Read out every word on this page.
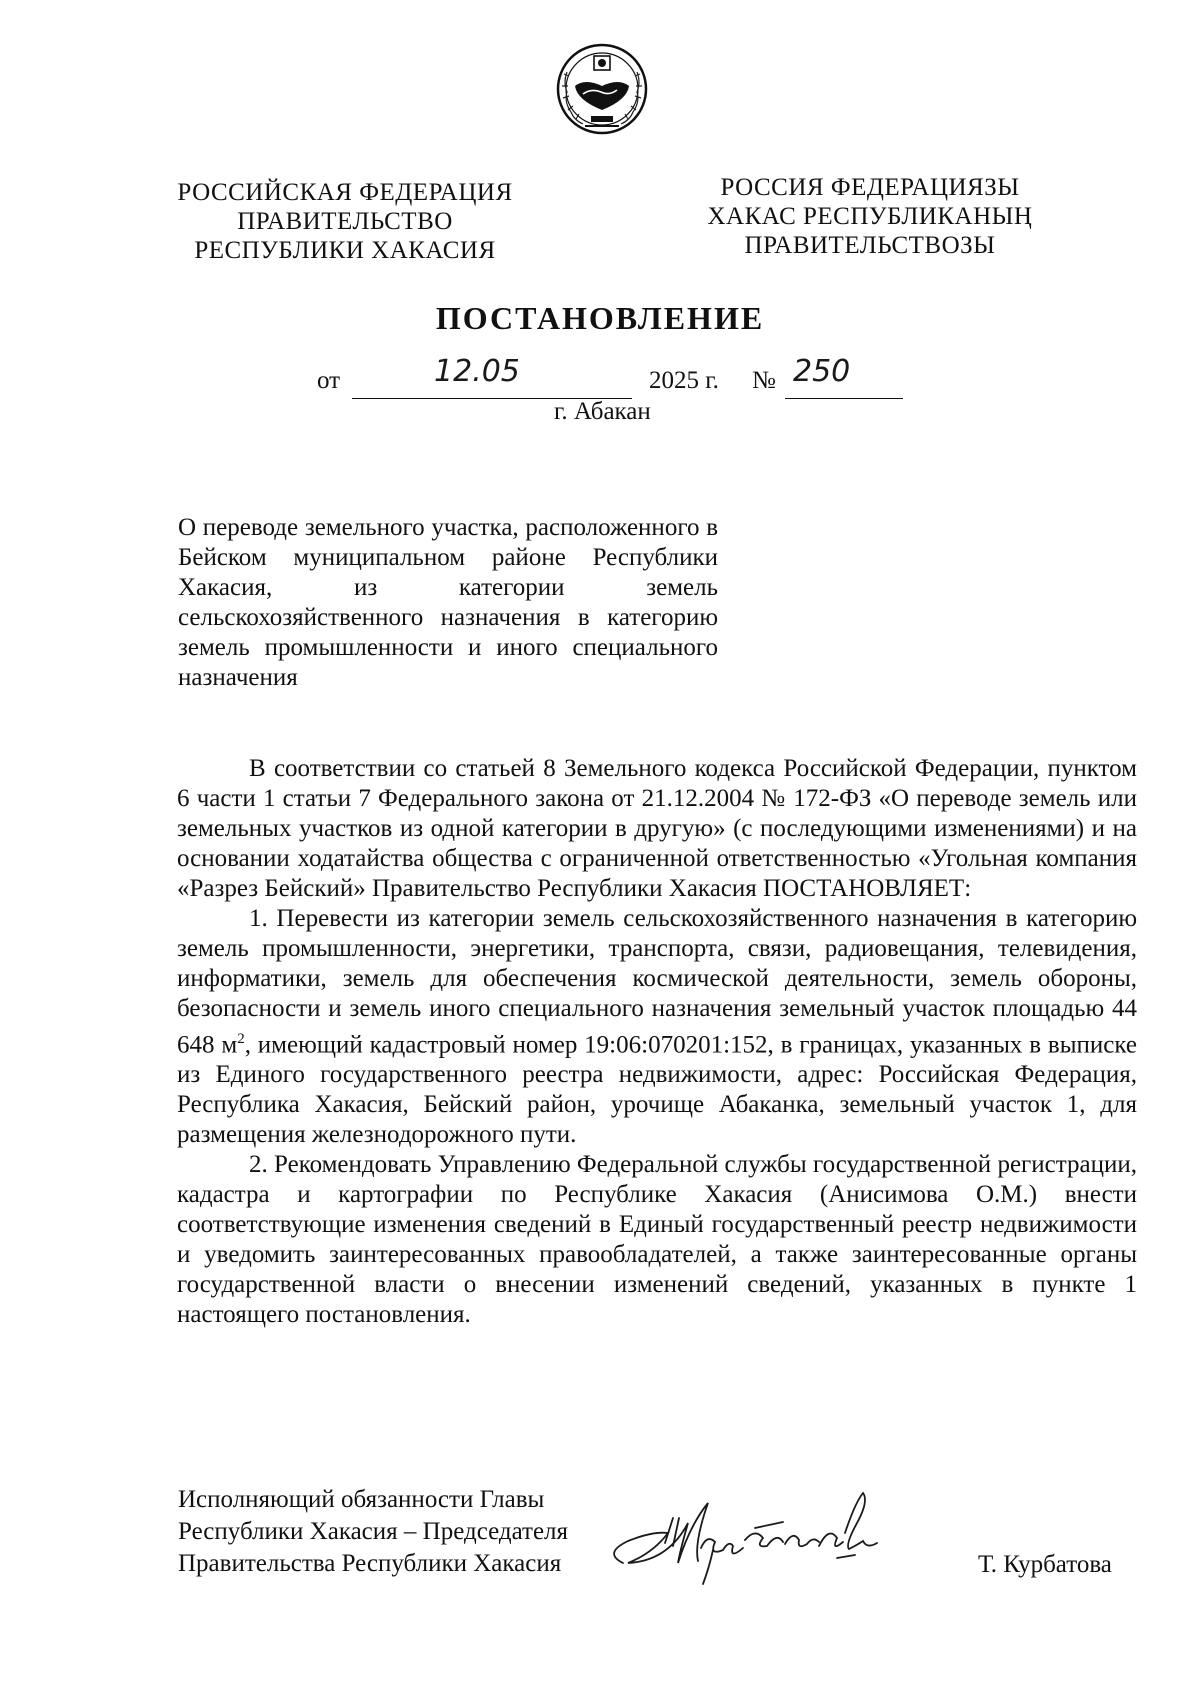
РОССИЙСКАЯ ФЕДЕРАЦИЯ
ПРАВИТЕЛЬСТВО
РЕСПУБЛИКИ ХАКАСИЯ
РОССИЯ ФЕДЕРАЦИЯЗЫ
ХАКАС РЕСПУБЛИКАНЫҢ
ПРАВИТЕЛЬСТВОЗЫ
ПОСТАНОВЛЕНИЕ
от	12.05	2025 г. № 250
г. Абакан
О переводе земельного участка, расположенного в Бейском муниципальном районе Республики Хакасия, из категории земель сельскохозяйственного назначения в категорию земель промышленности и иного специального назначения

В соответствии со статьей 8 Земельного кодекса Российской Федерации, пунктом 6 части 1 статьи 7 Федерального закона от 21.12.2004 № 172-ФЗ «О переводе земель или земельных участков из одной категории в другую» (с последующими изменениями) и на основании ходатайства общества с ограниченной ответственностью «Угольная компания «Разрез Бейский» Правительство Республики Хакасия ПОСТАНОВЛЯЕТ:

1. Перевести из категории земель сельскохозяйственного назначения в категорию земель промышленности, энергетики, транспорта, связи, радиовещания, телевидения, информатики, земель для обеспечения космической деятельности, земель обороны, безопасности и земель иного специального назначения земельный участок площадью 44 648 $м^2$, имеющий кадастровый номер 19:06:070201:152, в границах, указанных в выписке из Единого государственного реестра недвижимости, адрес: Российская Федерация, Республика Хакасия, Бейский район, урочище Абаканка, земельный участок 1, для размещения железнодорожного пути.

2. Рекомендовать Управлению Федеральной службы государственной регистрации, кадастра и картографии по Республике Хакасия (Анисимова О.М.) внести соответствующие изменения сведений в Единый государственный реестр недвижимости и уведомить заинтересованных правообладателей, а также заинтересованные органы государственной власти о внесении изменений сведений, указанных в пункте 1 настоящего постановления.

Исполняющий обязанности Главы
Республики Хакасия – Председателя
Правительства Республики Хакасия	Т. Курбатова
